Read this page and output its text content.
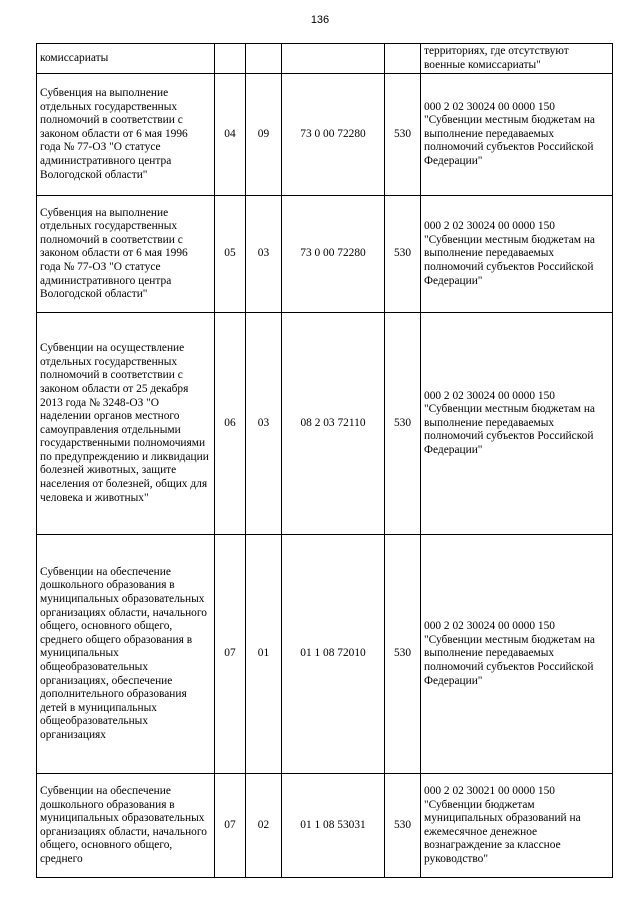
136
комиссариаты					территориях, где отсутствуют военные комиссариаты"
Субвенция на выполнение отдельных государственных полномочий в соответствии с законом области от 6 мая 1996 года № 77-ОЗ "О статусе административного центра Вологодской области"	04	09	73 0 00 72280	530	000 2 02 30024 00 0000 150 "Субвенции местным бюджетам на выполнение передаваемых полномочий субъектов Российской Федерации"
Субвенция на выполнение отдельных государственных полномочий в соответствии с законом области от 6 мая 1996 года № 77-ОЗ "О статусе административного центра Вологодской области"	05	03	73 0 00 72280	530	000 2 02 30024 00 0000 150 "Субвенции местным бюджетам на выполнение передаваемых полномочий субъектов Российской Федерации"
Субвенции на осуществление отдельных государственных полномочий в соответствии с законом области от 25 декабря 2013 года № 3248-ОЗ "О наделении органов местного самоуправления отдельными государственными полномочиями по предупреждению и ликвидации болезней животных, защите населения от болезней, общих для человека и животных"	06	03	08 2 03 72110	530	000 2 02 30024 00 0000 150 "Субвенции местным бюджетам на выполнение передаваемых полномочий субъектов Российской Федерации"
Субвенции на обеспечение дошкольного образования в муниципальных образовательных организациях области, начального общего, основного общего, среднего общего образования в муниципальных общеобразовательных организациях, обеспечение дополнительного образования детей в муниципальных общеобразовательных организациях	07	01	01 1 08 72010	530	000 2 02 30024 00 0000 150 "Субвенции местным бюджетам на выполнение передаваемых полномочий субъектов Российской Федерации"
Субвенции на обеспечение дошкольного образования в муниципальных образовательных организациях области, начального общего, основного общего, среднего	07	02	01 1 08 53031	530	000 2 02 30021 00 0000 150 "Субвенции бюджетам муниципальных образований на ежемесячное денежное вознаграждение за классное руководство"
